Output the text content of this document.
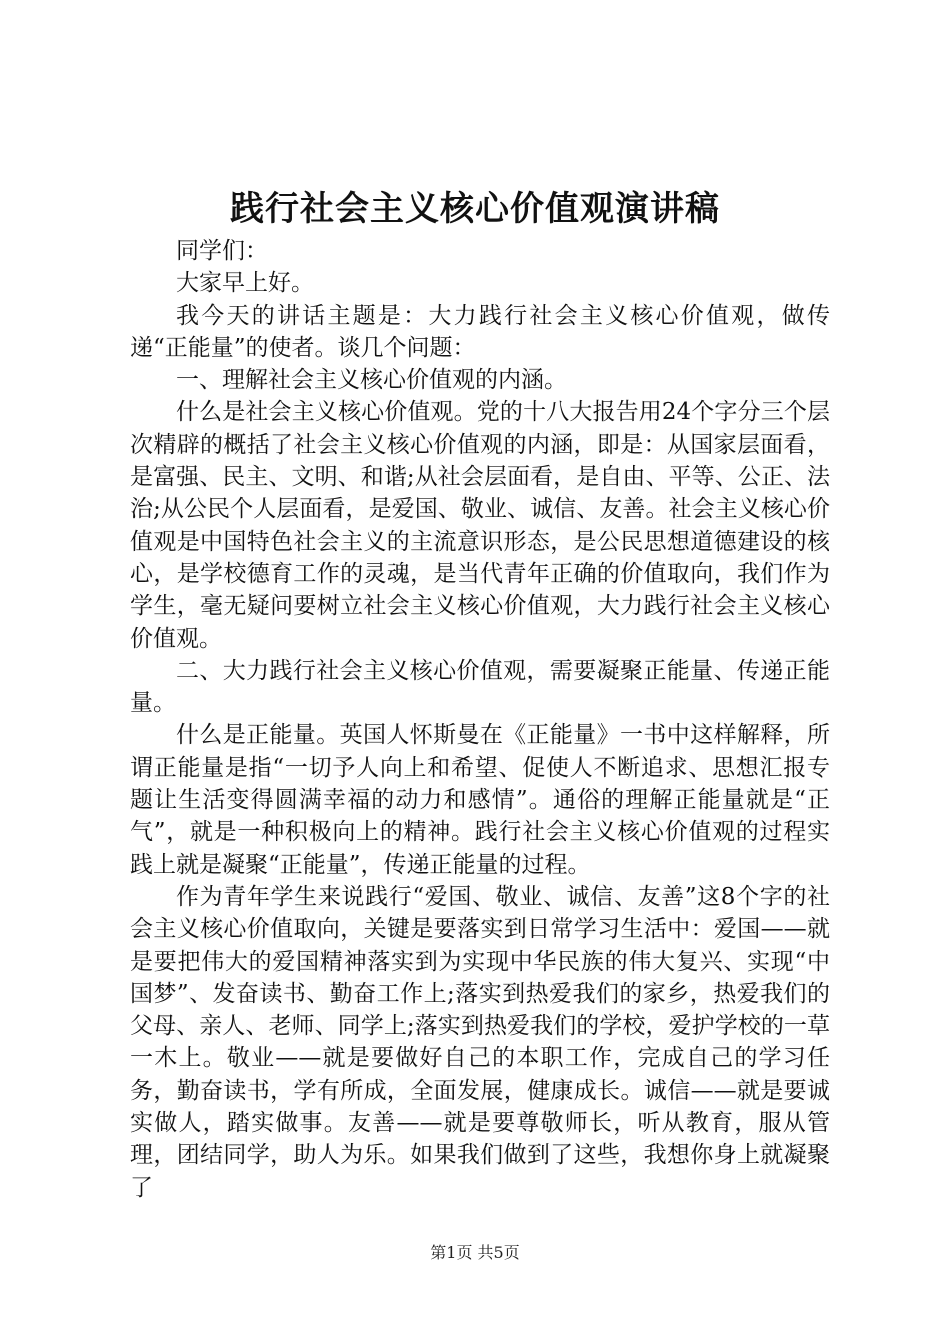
践行社会主义核心价值观演讲稿

同学们：

大家早上好。

我今天的讲话主题是：大力践行社会主义核心价值观，做传递“正能量”的使者。谈几个问题：

一、理解社会主义核心价值观的内涵。

什么是社会主义核心价值观。党的十八大报告用24个字分三个层次精辟的概括了社会主义核心价值观的内涵，即是：从国家层面看，是富强、民主、文明、和谐;从社会层面看，是自由、平等、公正、法治;从公民个人层面看，是爱国、敬业、诚信、友善。社会主义核心价值观是中国特色社会主义的主流意识形态，是公民思想道德建设的核心，是学校德育工作的灵魂，是当代青年正确的价值取向，我们作为学生，毫无疑问要树立社会主义核心价值观，大力践行社会主义核心价值观。

二、大力践行社会主义核心价值观，需要凝聚正能量、传递正能量。

什么是正能量。英国人怀斯曼在《正能量》一书中这样解释，所谓正能量是指“一切予人向上和希望、促使人不断追求、思想汇报专题让生活变得圆满幸福的动力和感情”。通俗的理解正能量就是“正气”，就是一种积极向上的精神。践行社会主义核心价值观的过程实践上就是凝聚“正能量”，传递正能量的过程。

作为青年学生来说践行“爱国、敬业、诚信、友善”这8个字的社会主义核心价值取向，关键是要落实到日常学习生活中：爱国——就是要把伟大的爱国精神落实到为实现中华民族的伟大复兴、实现“中国梦”、发奋读书、勤奋工作上;落实到热爱我们的家乡，热爱我们的父母、亲人、老师、同学上;落实到热爱我们的学校，爱护学校的一草一木上。敬业——就是要做好自己的本职工作，完成自己的学习任务，勤奋读书，学有所成，全面发展，健康成长。诚信——就是要诚实做人，踏实做事。友善——就是要尊敬师长，听从教育，服从管理，团结同学，助人为乐。如果我们做到了这些，我想你身上就凝聚了

第1页 共5页
